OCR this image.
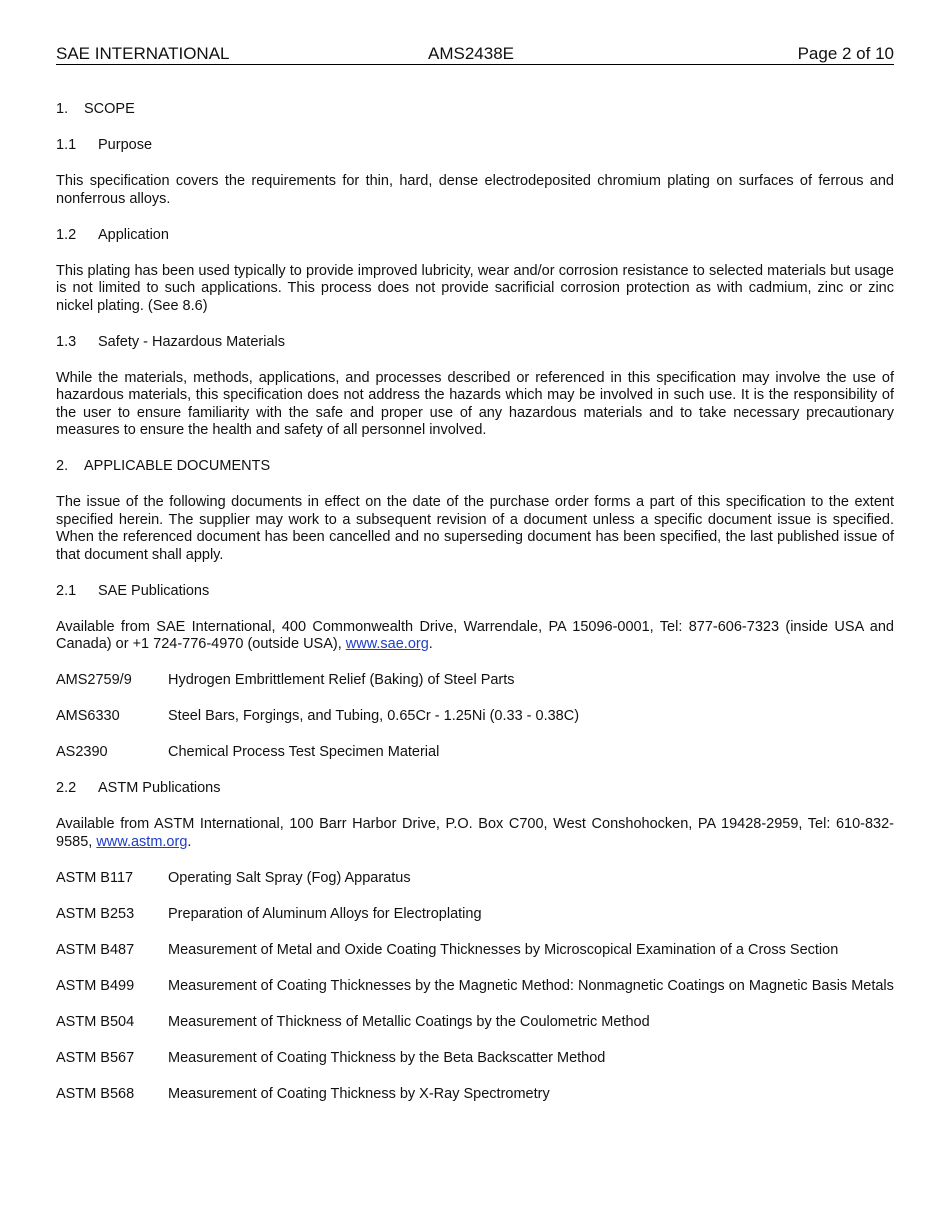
SAE INTERNATIONAL	AMS2438E	Page 2 of 10
1. SCOPE
1.1 Purpose

This specification covers the requirements for thin, hard, dense electrodeposited chromium plating on surfaces of ferrous and nonferrous alloys.

1.2 Application

This plating has been used typically to provide improved lubricity, wear and/or corrosion resistance to selected materials but usage is not limited to such applications. This process does not provide sacrificial corrosion protection as with cadmium, zinc or zinc nickel plating. (See 8.6)

1.3 Safety - Hazardous Materials

While the materials, methods, applications, and processes described or referenced in this specification may involve the use of hazardous materials, this specification does not address the hazards which may be involved in such use. It is the responsibility of the user to ensure familiarity with the safe and proper use of any hazardous materials and to take necessary precautionary measures to ensure the health and safety of all personnel involved.

2. APPLICABLE DOCUMENTS

The issue of the following documents in effect on the date of the purchase order forms a part of this specification to the extent specified herein. The supplier may work to a subsequent revision of a document unless a specific document issue is specified. When the referenced document has been cancelled and no superseding document has been specified, the last published issue of that document shall apply.

2.1 SAE Publications

Available from SAE International, 400 Commonwealth Drive, Warrendale, PA 15096-0001, Tel: 877-606-7323 (inside USA and Canada) or +1 724-776-4970 (outside USA), www.sae.org.

AMS2759/9	Hydrogen Embrittlement Relief (Baking) of Steel Parts
AMS6330	Steel Bars, Forgings, and Tubing, 0.65Cr - 1.25Ni (0.33 - 0.38C)
AS2390	Chemical Process Test Specimen Material
2.2 ASTM Publications

Available from ASTM International, 100 Barr Harbor Drive, P.O. Box C700, West Conshohocken, PA 19428-2959, Tel: 610-832-9585, www.astm.org.

ASTM B117	Operating Salt Spray (Fog) Apparatus
ASTM B253	Preparation of Aluminum Alloys for Electroplating
ASTM B487	Measurement of Metal and Oxide Coating Thicknesses by Microscopical Examination of a Cross Section
ASTM B499	Measurement of Coating Thicknesses by the Magnetic Method: Nonmagnetic Coatings on Magnetic Basis Metals
ASTM B504	Measurement of Thickness of Metallic Coatings by the Coulometric Method
ASTM B567	Measurement of Coating Thickness by the Beta Backscatter Method
ASTM B568	Measurement of Coating Thickness by X-Ray Spectrometry
